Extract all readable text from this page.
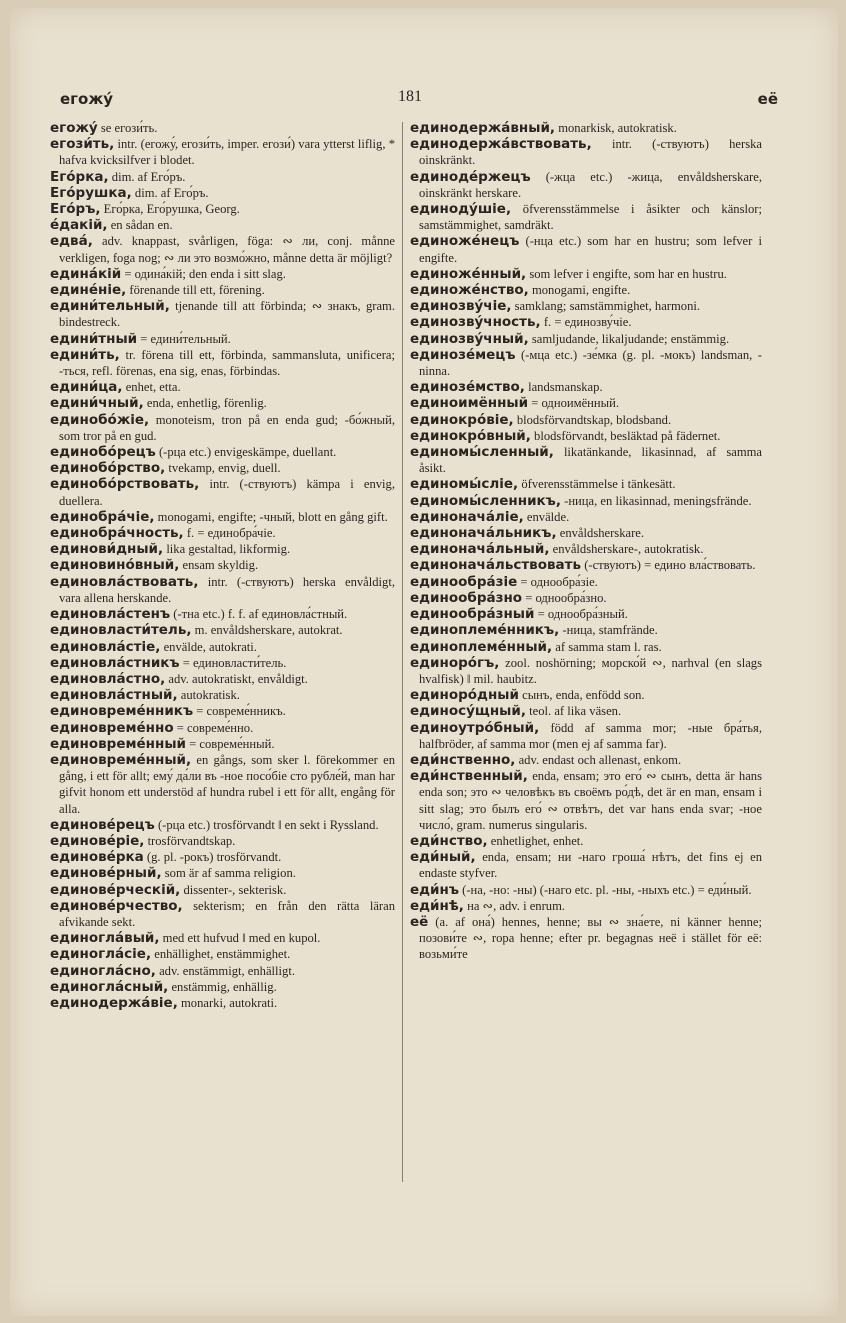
егожу́	181	её

егожу́ se егози́ть.

егози́ть, intr. (егожу́, егози́ть, imper. егози́) vara ytterst liflig, * hafva kvicksilfver i blodet.

Его́рка, dim. af Его́ръ.

Его́рушка, dim. af Его́ръ.

Его́ръ, Его́рка, Его́рушка, Georg.

е́дакій, en sådan en.

едва́, adv. knappast, svårligen, föga: ∾ ли, conj. månne verkligen, foga nog; ∾ ли это возмо́жно, månne detta är möjligt?

едина́кій = одина́кій; den enda i sitt slag.

едине́ніе, förenande till ett, förening.

едини́тельный, tjenande till att förbinda; ∾ знакъ, gram. bindestreck.

едини́тный = едини́тельный.

едини́ть, tr. förena till ett, förbinda, sammansluta, unificera; -ться, refl. förenas, ena sig, enas, förbindas.

едини́ца, enhet, etta.

едини́чный, enda, enhetlig, förenlig.

единобо́жіе, monoteism, tron på en enda gud; -бо́жный, som tror på en gud.

единобо́рецъ (-рца etc.) envigeskämpe, duellant.

единобо́рство, tvekamp, envig, duell.

единобо́рствовать, intr. (-ствуютъ) kämpa i envig, duellera.

единобра́чіе, monogami, engifte; -чный, blott en gång gift.

единобра́чность, f. = единобра́чіе.

единови́дный, lika gestaltad, likformig.

единовинóвный, ensam skyldig.

единовла́ствовать, intr. (-ствуютъ) herska envåldigt, vara allena herskande.

единовла́стенъ (-тна etc.) f. f. af единовла́стный.

единовласти́тель, m. envåldsherskare, autokrat.

единовла́стіе, envälde, autokrati.

единовла́стникъ = единовласти́тель.

единовла́стно, adv. autokratiskt, envåldigt.

единовла́стный, autokratisk.

единовреме́нникъ = совреме́нникъ.

единовреме́нно = совреме́нно.

единовреме́нный = совреме́нный.

единовреме́нный, en gångs, som sker l. förekommer en gång, i ett för allt; ему́ да́ли въ -ное посо́біе сто рубле́й, man har gifvit honom ett understöd af hundra rubel i ett för allt, engång för alla.

единове́рецъ (-рца etc.) trosförvandt ‖ en sekt i Ryssland.

единове́ріе, trosförvandtskap.

единове́рка (g. pl. -рокъ) trosförvandt.

единове́рный, som är af samma religion.

единове́рческій, dissenter-, sekterisk.

единове́рчество, sekterism; en från den rätta läran afvikande sekt.

единогла́вый, med ett hufvud ‖ med en kupol.

единогла́сіе, enhällighet, enstämmighet.

единогла́сно, adv. enstämmigt, enhälligt.

единогла́сный, enstämmig, enhällig.

единодержа́віе, monarki, autokrati.

единодержа́вный, monarkisk, autokratisk.

единодержа́вствовать, intr. (-ствуютъ) herska oinskränkt.

единоде́ржецъ (-жца etc.) -жица, envåldsherskare, oinskränkt herskare.

единоду́шіе, öfverensstämmelse i åsikter och känslor; samstämmighet, samdräkt.

единоже́нецъ (-нца etc.) som har en hustru; som lefver i engifte.

единоже́нный, som lefver i engifte, som har en hustru.

единоже́нство, monogami, engifte.

единозву́чіе, samklang; samstämmighet, harmoni.

единозву́чность, f. = единозву́чіе.

единозву́чный, samljudande, likaljudande; enstämmig.

единозе́мецъ (-мца etc.) -зе́мка (g. pl. -мокъ) landsman, -ninna.

единозе́мство, landsmanskap.

единоимённый = одноимённый.

единокро́віе, blodsförvandtskap, blodsband.

единокро́вный, blodsförvandt, besläktad på fädernet.

единомы́сленный, likatänkande, likasinnad, af samma åsikt.

единомы́сліе, öfverensstämmelse i tänkesätt.

единомы́сленникъ, -ница, en likasinnad, meningsfrände.

единонача́ліе, envälde.

единонача́льникъ, envåldsherskare.

единонача́льный, envåldsherskare-, autokratisk.

единонача́льствовать (-ствуютъ) = едино вла́ствовать.

единообра́зіе = однообра́зіе.

единообра́зно = однообра́зно.

единообра́зный = однообра́зный.

единоплеме́нникъ, -ница, stamfrände.

единоплеме́нный, af samma stam l. ras.

единоро́гъ, zool. noshörning; морско́й ∾, narhval (en slags hvalfisk) ‖ mil. haubitz.

единоро́дный сынъ, enda, enfödd son.

единосу́щный, teol. af lika väsen.

единоутро́бный, född af samma mor; -ные бра́тья, halfbröder, af samma mor (men ej af samma far).

еди́нственно, adv. endast och allenast, enkom.

еди́нственный, enda, ensam; это его́ ∾ сынъ, detta är hans enda son; это ∾ человѣкъ въ своёмъ ро́дѣ, det är en man, ensam i sitt slag; это былъ его́ ∾ отвѣтъ, det var hans enda svar; -ное число́, gram. numerus singularis.

еди́нство, enhetlighet, enhet.

еди́ный, enda, ensam; ни -наго гроша́ нѣтъ, det fins ej en endaste styfver.

еди́нъ (-на, -но: -ны) (-наго etc. pl. -ны, -ныхъ etc.) = еди́ный.

еди́нѣ, на ∾, adv. i enrum.

её (a. af она́) hennes, henne; вы ∾ зна́ете, ni känner henne; позови́те ∾, ropa henne; efter pr. begagnas неё i stället för её: возьми́те
